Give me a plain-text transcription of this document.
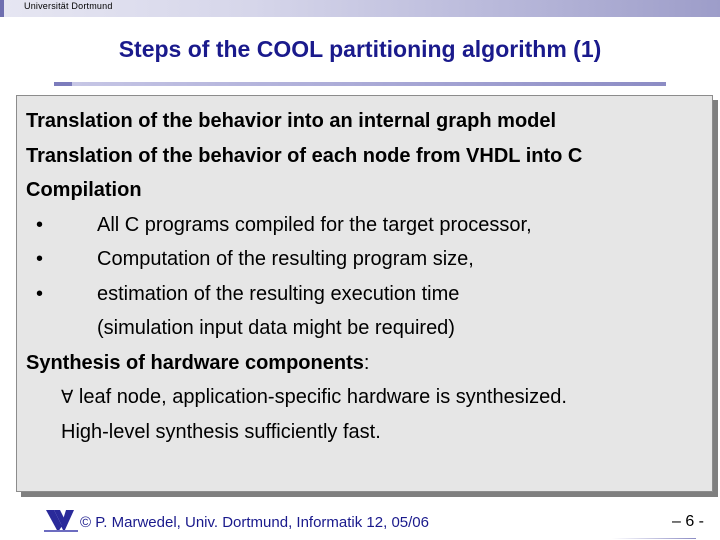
Universität Dortmund
Steps of the COOL partitioning algorithm (1)
Translation of the behavior into an internal graph model
Translation of the behavior of each node from VHDL into C
Compilation
•	All C programs compiled for the target processor,
•	Computation of the resulting program size,
•	estimation of the resulting execution time
(simulation input data might be required)
Synthesis of hardware components:
∀ leaf node, application-specific hardware is synthesized.
High-level synthesis sufficiently fast.
© P. Marwedel, Univ. Dortmund, Informatik 12, 05/06	– 6 -
